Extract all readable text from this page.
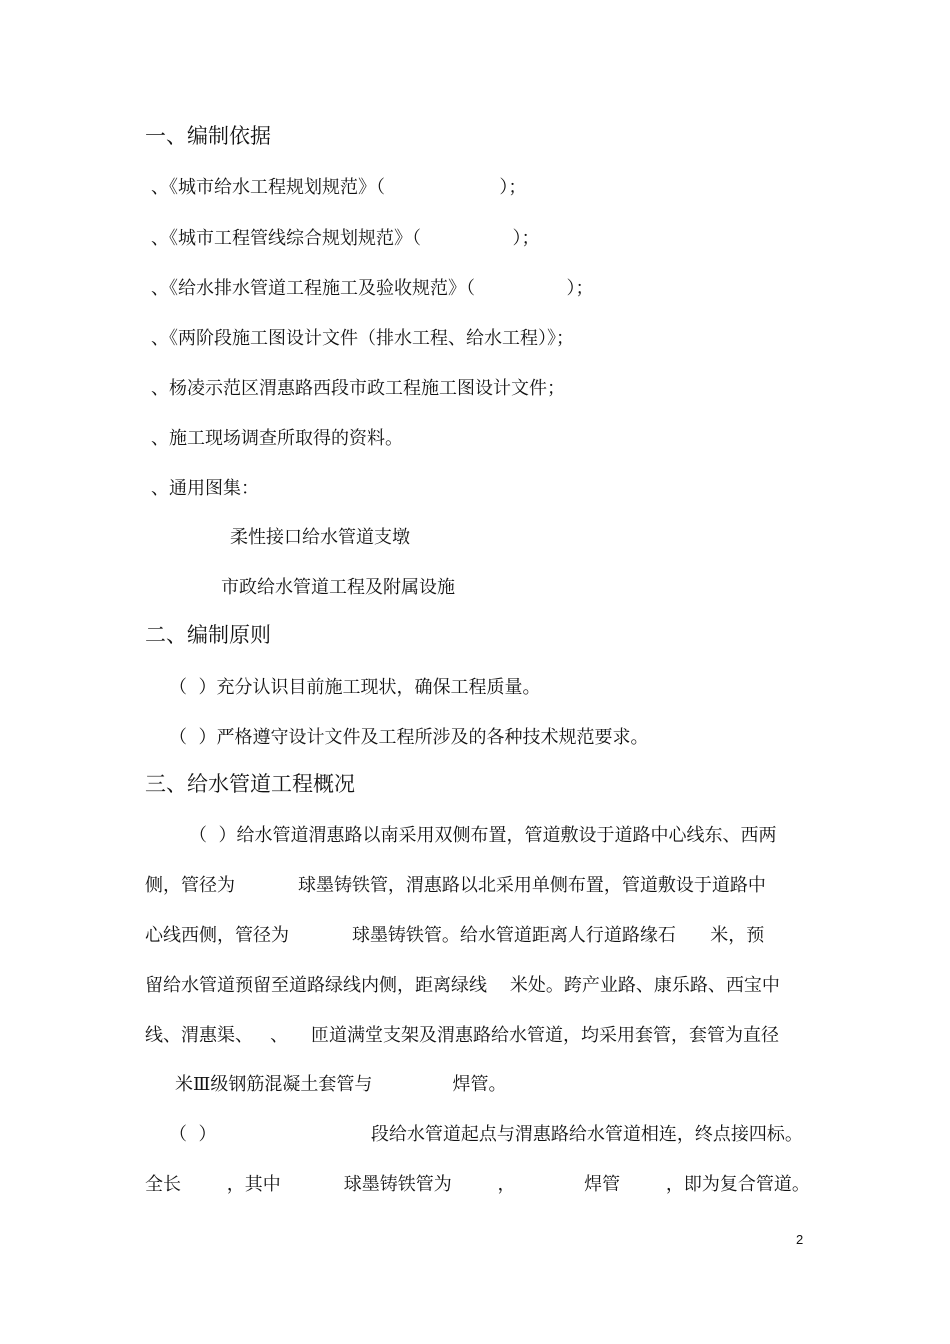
一、编制依据
、《城市给水工程规划规范》（                    ）；
、《城市工程管线综合规划规范》（                ）；
、《给水排水管道工程施工及验收规范》（                ）；
、《两阶段施工图设计文件（排水工程、给水工程）》；
、杨凌示范区渭惠路西段市政工程施工图设计文件；
、施工现场调查所取得的资料。
、通用图集：
柔性接口给水管道支墩
市政给水管道工程及附属设施
二、编制原则
（  ）充分认识目前施工现状，确保工程质量。
（  ）严格遵守设计文件及工程所涉及的各种技术规范要求。
三、给水管道工程概况
（  ）给水管道渭惠路以南采用双侧布置，管道敷设于道路中心线东、西两
侧，管径为           球墨铸铁管，渭惠路以北采用单侧布置，管道敷设于道路中
心线西侧，管径为           球墨铸铁管。给水管道距离人行道路缘石      米，预
留给水管道预留至道路绿线内侧，距离绿线    米处。跨产业路、康乐路、西宝中
线、渭惠渠、   、    匝道满堂支架及渭惠路给水管道，均采用套管，套管为直径
米Ⅲ级钢筋混凝土套管与              焊管。
（  ）                           段给水管道起点与渭惠路给水管道相连，终点接四标。
全长        ，其中           球墨铸铁管为        ，            焊管        ，即为复合管道。
2
